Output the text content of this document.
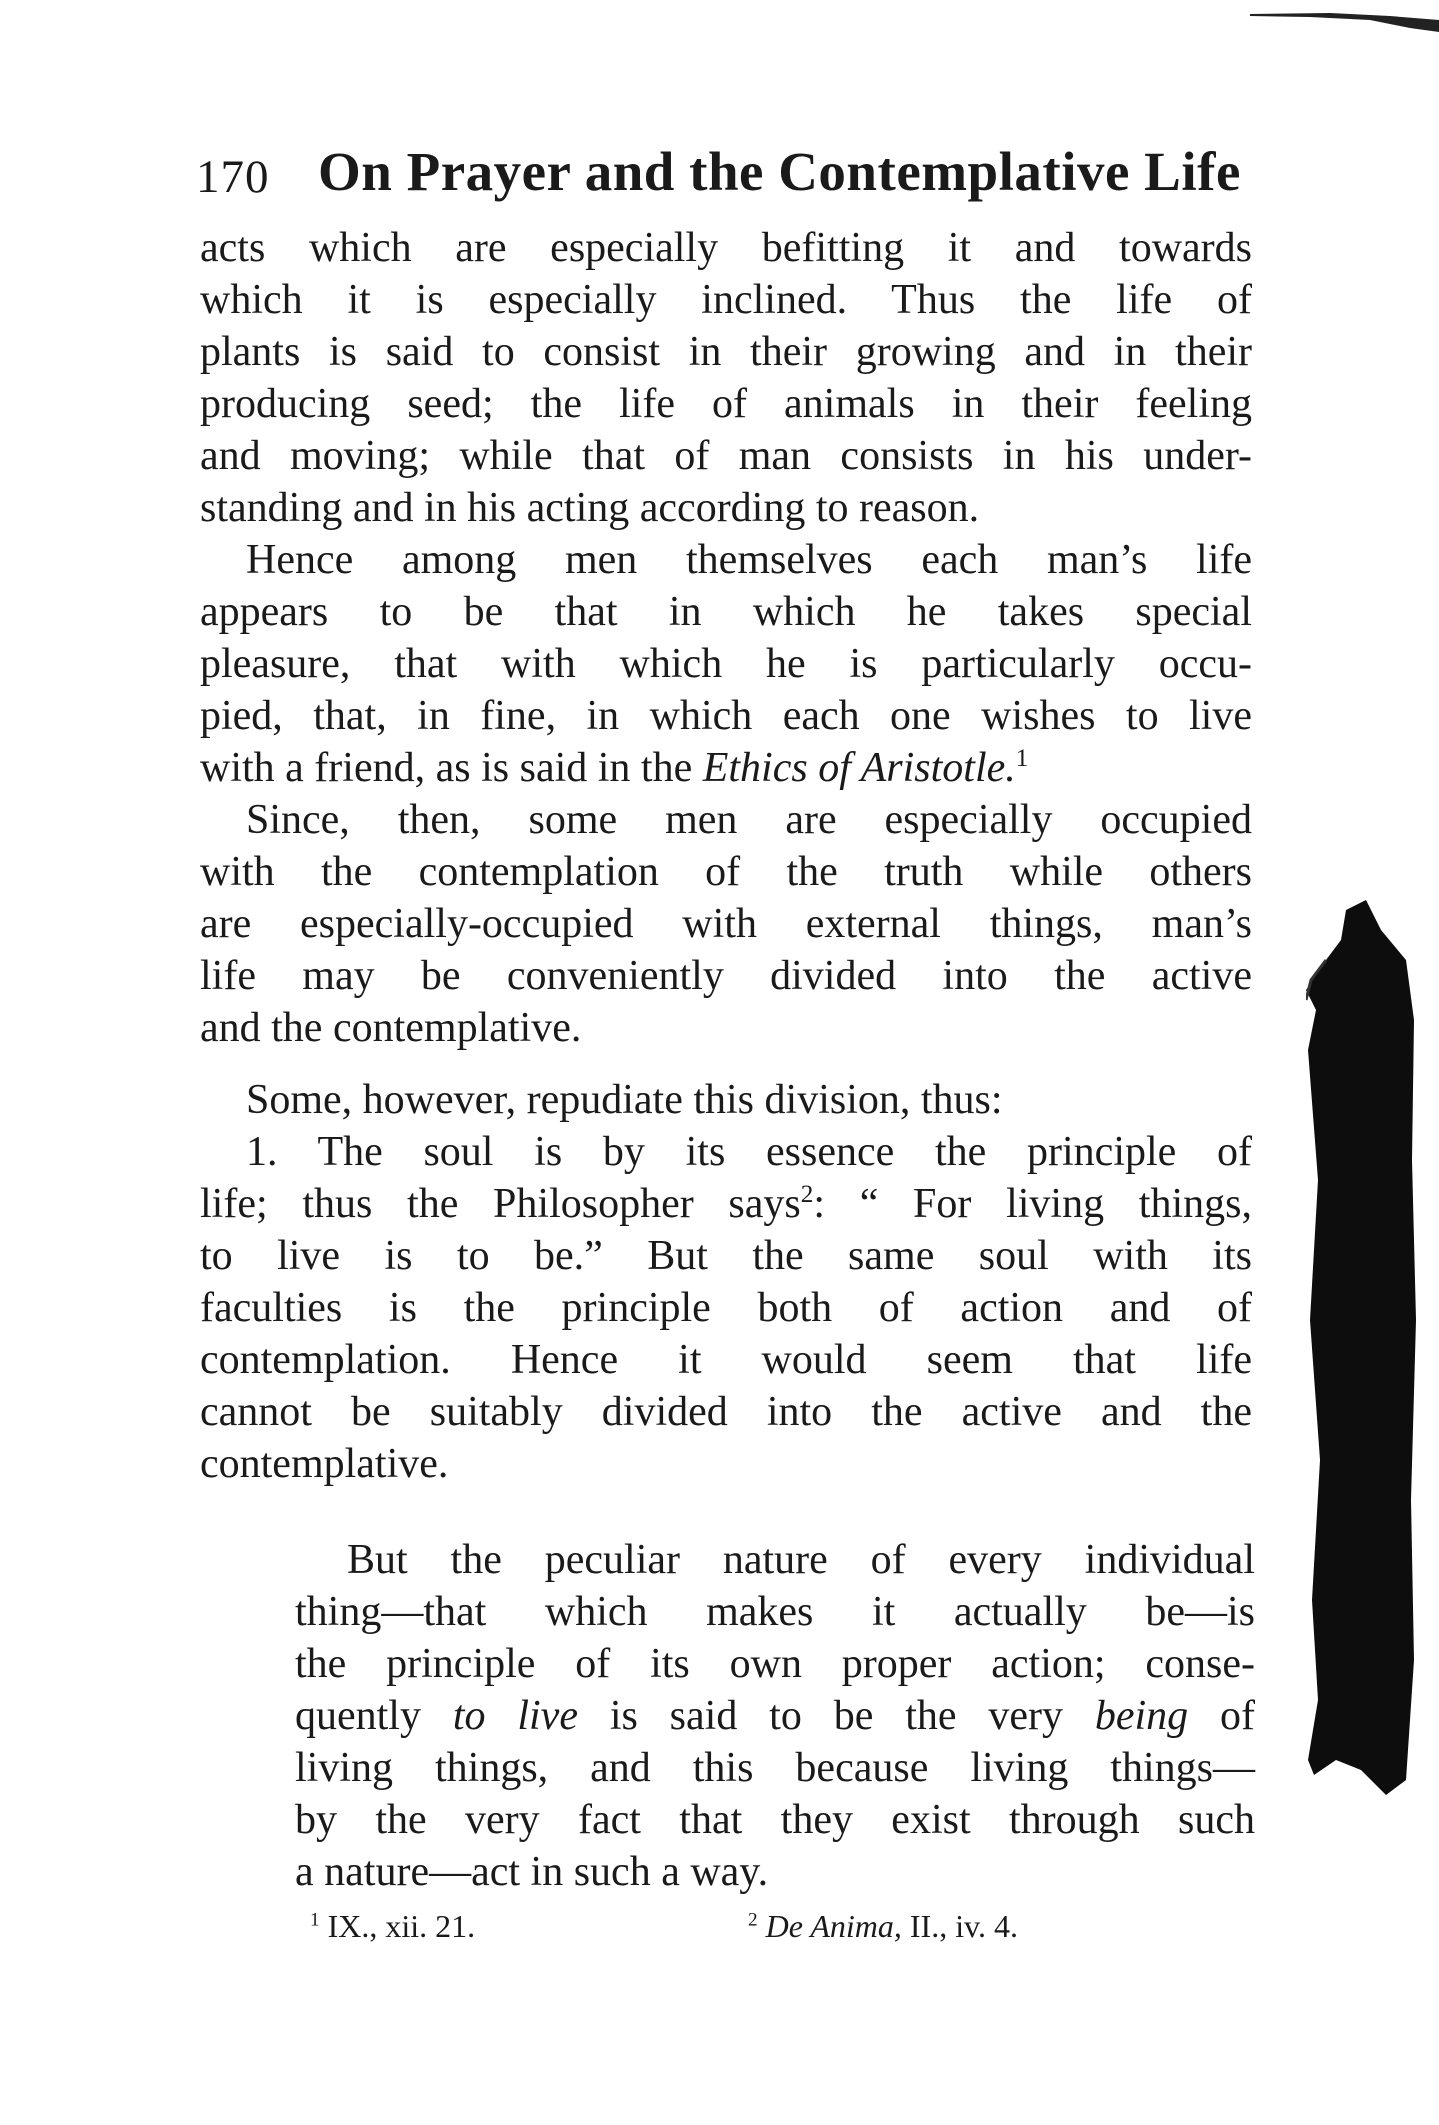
170 On Prayer and the Contemplative Life
acts which are especially befitting it and towards
which it is especially inclined. Thus the life of
plants is said to consist in their growing and in their
producing seed; the life of animals in their feeling
and moving; while that of man consists in his under-
standing and in his acting according to reason.
Hence among men themselves each man’s life
appears to be that in which he takes special
pleasure, that with which he is particularly occu-
pied, that, in fine, in which each one wishes to live
with a friend, as is said in the Ethics of Aristotle.$^1$
Since, then, some men are especially occupied
with the contemplation of the truth while others
are especially-occupied with external things, man’s
life may be conveniently divided into the active
and the contemplative.
Some, however, repudiate this division, thus:
1. The soul is by its essence the principle of
life; thus the Philosopher says$^2$: “ For living things,
to live is to be.” But the same soul with its
faculties is the principle both of action and of
contemplation. Hence it would seem that life
cannot be suitably divided into the active and the
contemplative.
But the peculiar nature of every individual
thing—that which makes it actually be—is
the principle of its own proper action; conse-
quently to live is said to be the very being of
living things, and this because living things—
by the very fact that they exist through such
a nature—act in such a way.
$^1$ IX., xii. 21.	$^2$ De Anima, II., iv. 4.
